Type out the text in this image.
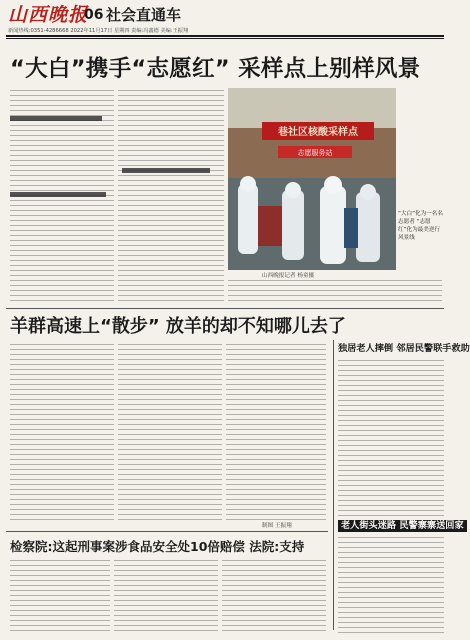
山西晚报
06 社会直通车
新闻热线:0351-4286668 2022年11月17日 星期四 责编:冯鑫德 美编:王振翔
“大白”携手“志愿红” 采样点上别样风景
巷社区核酸采样点
志愿服务站
“大白”化为一名名志愿者 “志愿红”化为最美逆行风景线
山西晚报记者 杨童摄
羊群高速上“散步” 放羊的却不知哪儿去了
制图 王振翔
独居老人摔倒 邻居民警联手救助
老人街头迷路 民警寨寨送回家
检察院:这起刑事案涉食品安全处10倍赔偿 法院:支持
